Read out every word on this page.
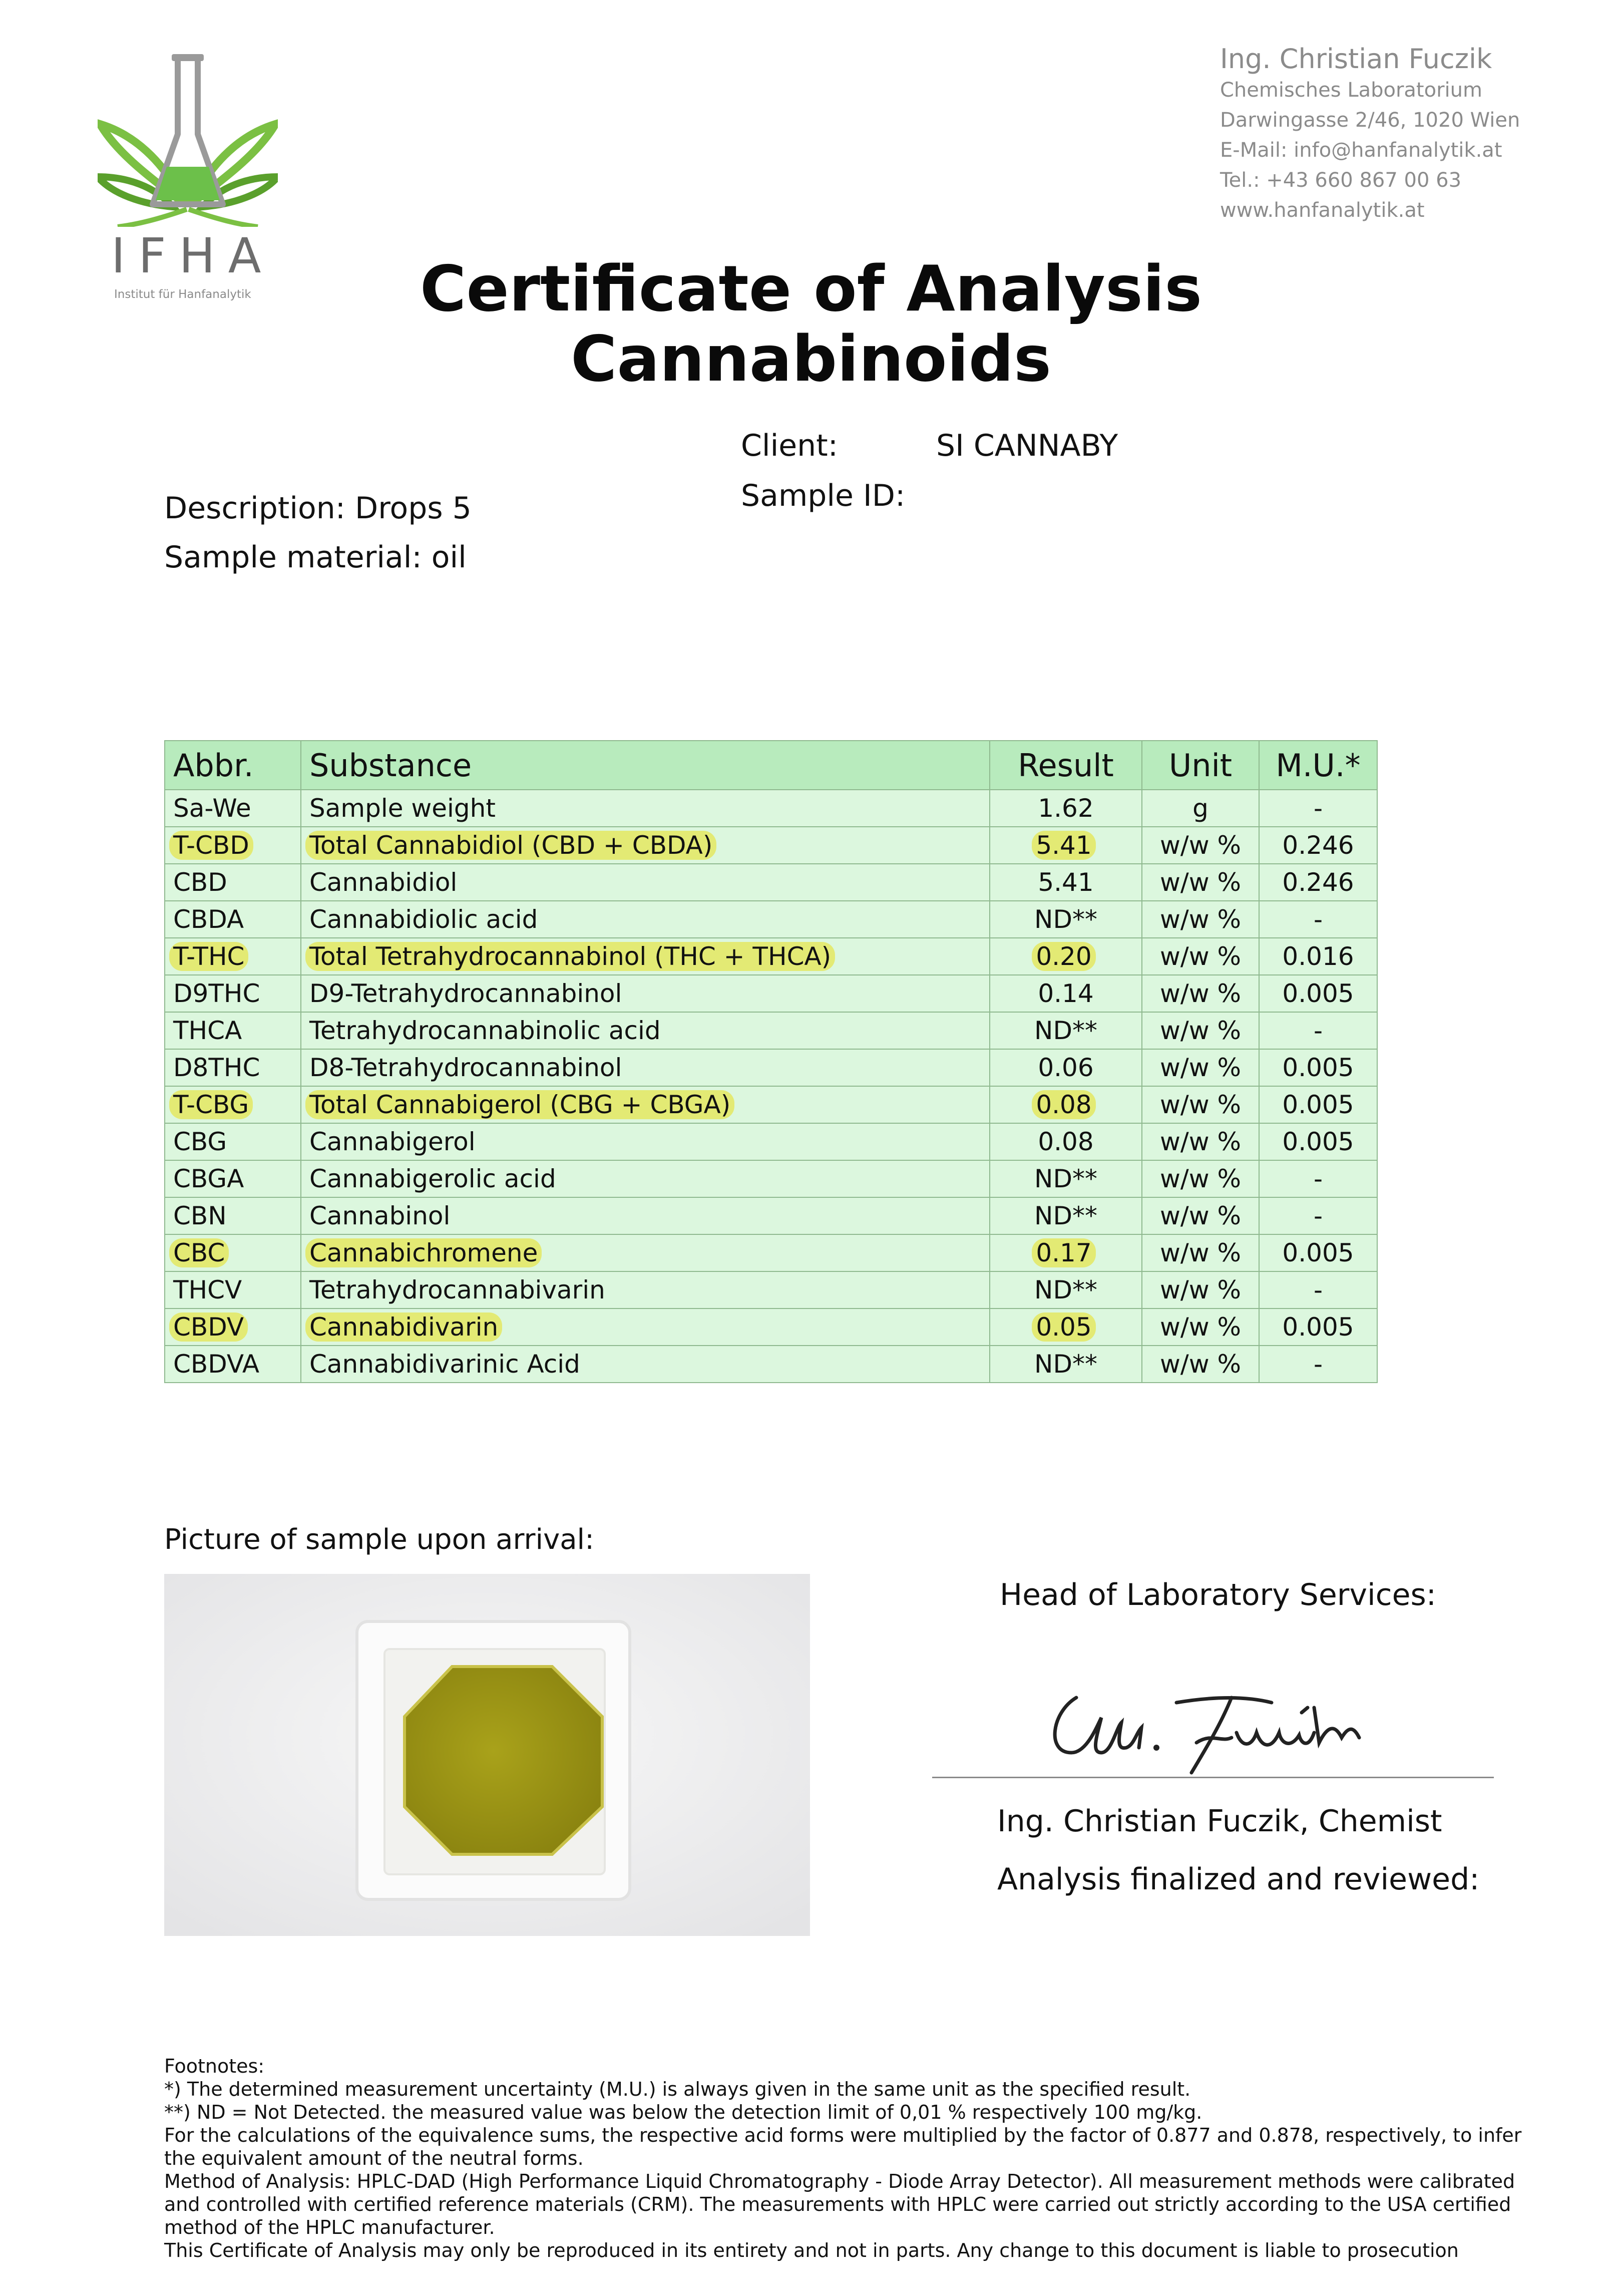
IFHA
Institut für Hanfanalytik
Ing. Christian Fuczik
Chemisches Laboratorium
Darwingasse 2/46, 1020 Wien
E-Mail: info@hanfanalytik.at
Tel.: +43 660 867 00 63
www.hanfanalytik.at
Certificate of Analysis
Cannabinoids
Client:	SI CANNABY
Sample ID:
Description: Drops 5
Sample material: oil
Abbr.	Substance	Result	Unit	M.U.*
Sa-We	Sample weight	1.62	g	-
T-CBD	Total Cannabidiol (CBD + CBDA)	5.41	w/w %	0.246
CBD	Cannabidiol	5.41	w/w %	0.246
CBDA	Cannabidiolic acid	ND**	w/w %	-
T-THC	Total Tetrahydrocannabinol (THC + THCA)	0.20	w/w %	0.016
D9THC	D9-Tetrahydrocannabinol	0.14	w/w %	0.005
THCA	Tetrahydrocannabinolic acid	ND**	w/w %	-
D8THC	D8-Tetrahydrocannabinol	0.06	w/w %	0.005
T-CBG	Total Cannabigerol (CBG + CBGA)	0.08	w/w %	0.005
CBG	Cannabigerol	0.08	w/w %	0.005
CBGA	Cannabigerolic acid	ND**	w/w %	-
CBN	Cannabinol	ND**	w/w %	-
CBC	Cannabichromene	0.17	w/w %	0.005
THCV	Tetrahydrocannabivarin	ND**	w/w %	-
CBDV	Cannabidivarin	0.05	w/w %	0.005
CBDVA	Cannabidivarinic Acid	ND**	w/w %	-
Picture of sample upon arrival:
Head of Laboratory Services:
Ing. Christian Fuczik, Chemist
Analysis finalized and reviewed:

Footnotes:

*) The determined measurement uncertainty (M.U.) is always given in the same unit as the specified result.

**) ND = Not Detected. the measured value was below the detection limit of 0,01 % respectively 100 mg/kg.

For the calculations of the equivalence sums, the respective acid forms were multiplied by the factor of 0.877 and 0.878, respectively, to infer the equivalent amount of the neutral forms.

Method of Analysis: HPLC-DAD (High Performance Liquid Chromatography - Diode Array Detector). All measurement methods were calibrated and controlled with certified reference materials (CRM). The measurements with HPLC were carried out strictly according to the USA certified method of the HPLC manufacturer.

This Certificate of Analysis may only be reproduced in its entirety and not in parts. Any change to this document is liable to prosecution
